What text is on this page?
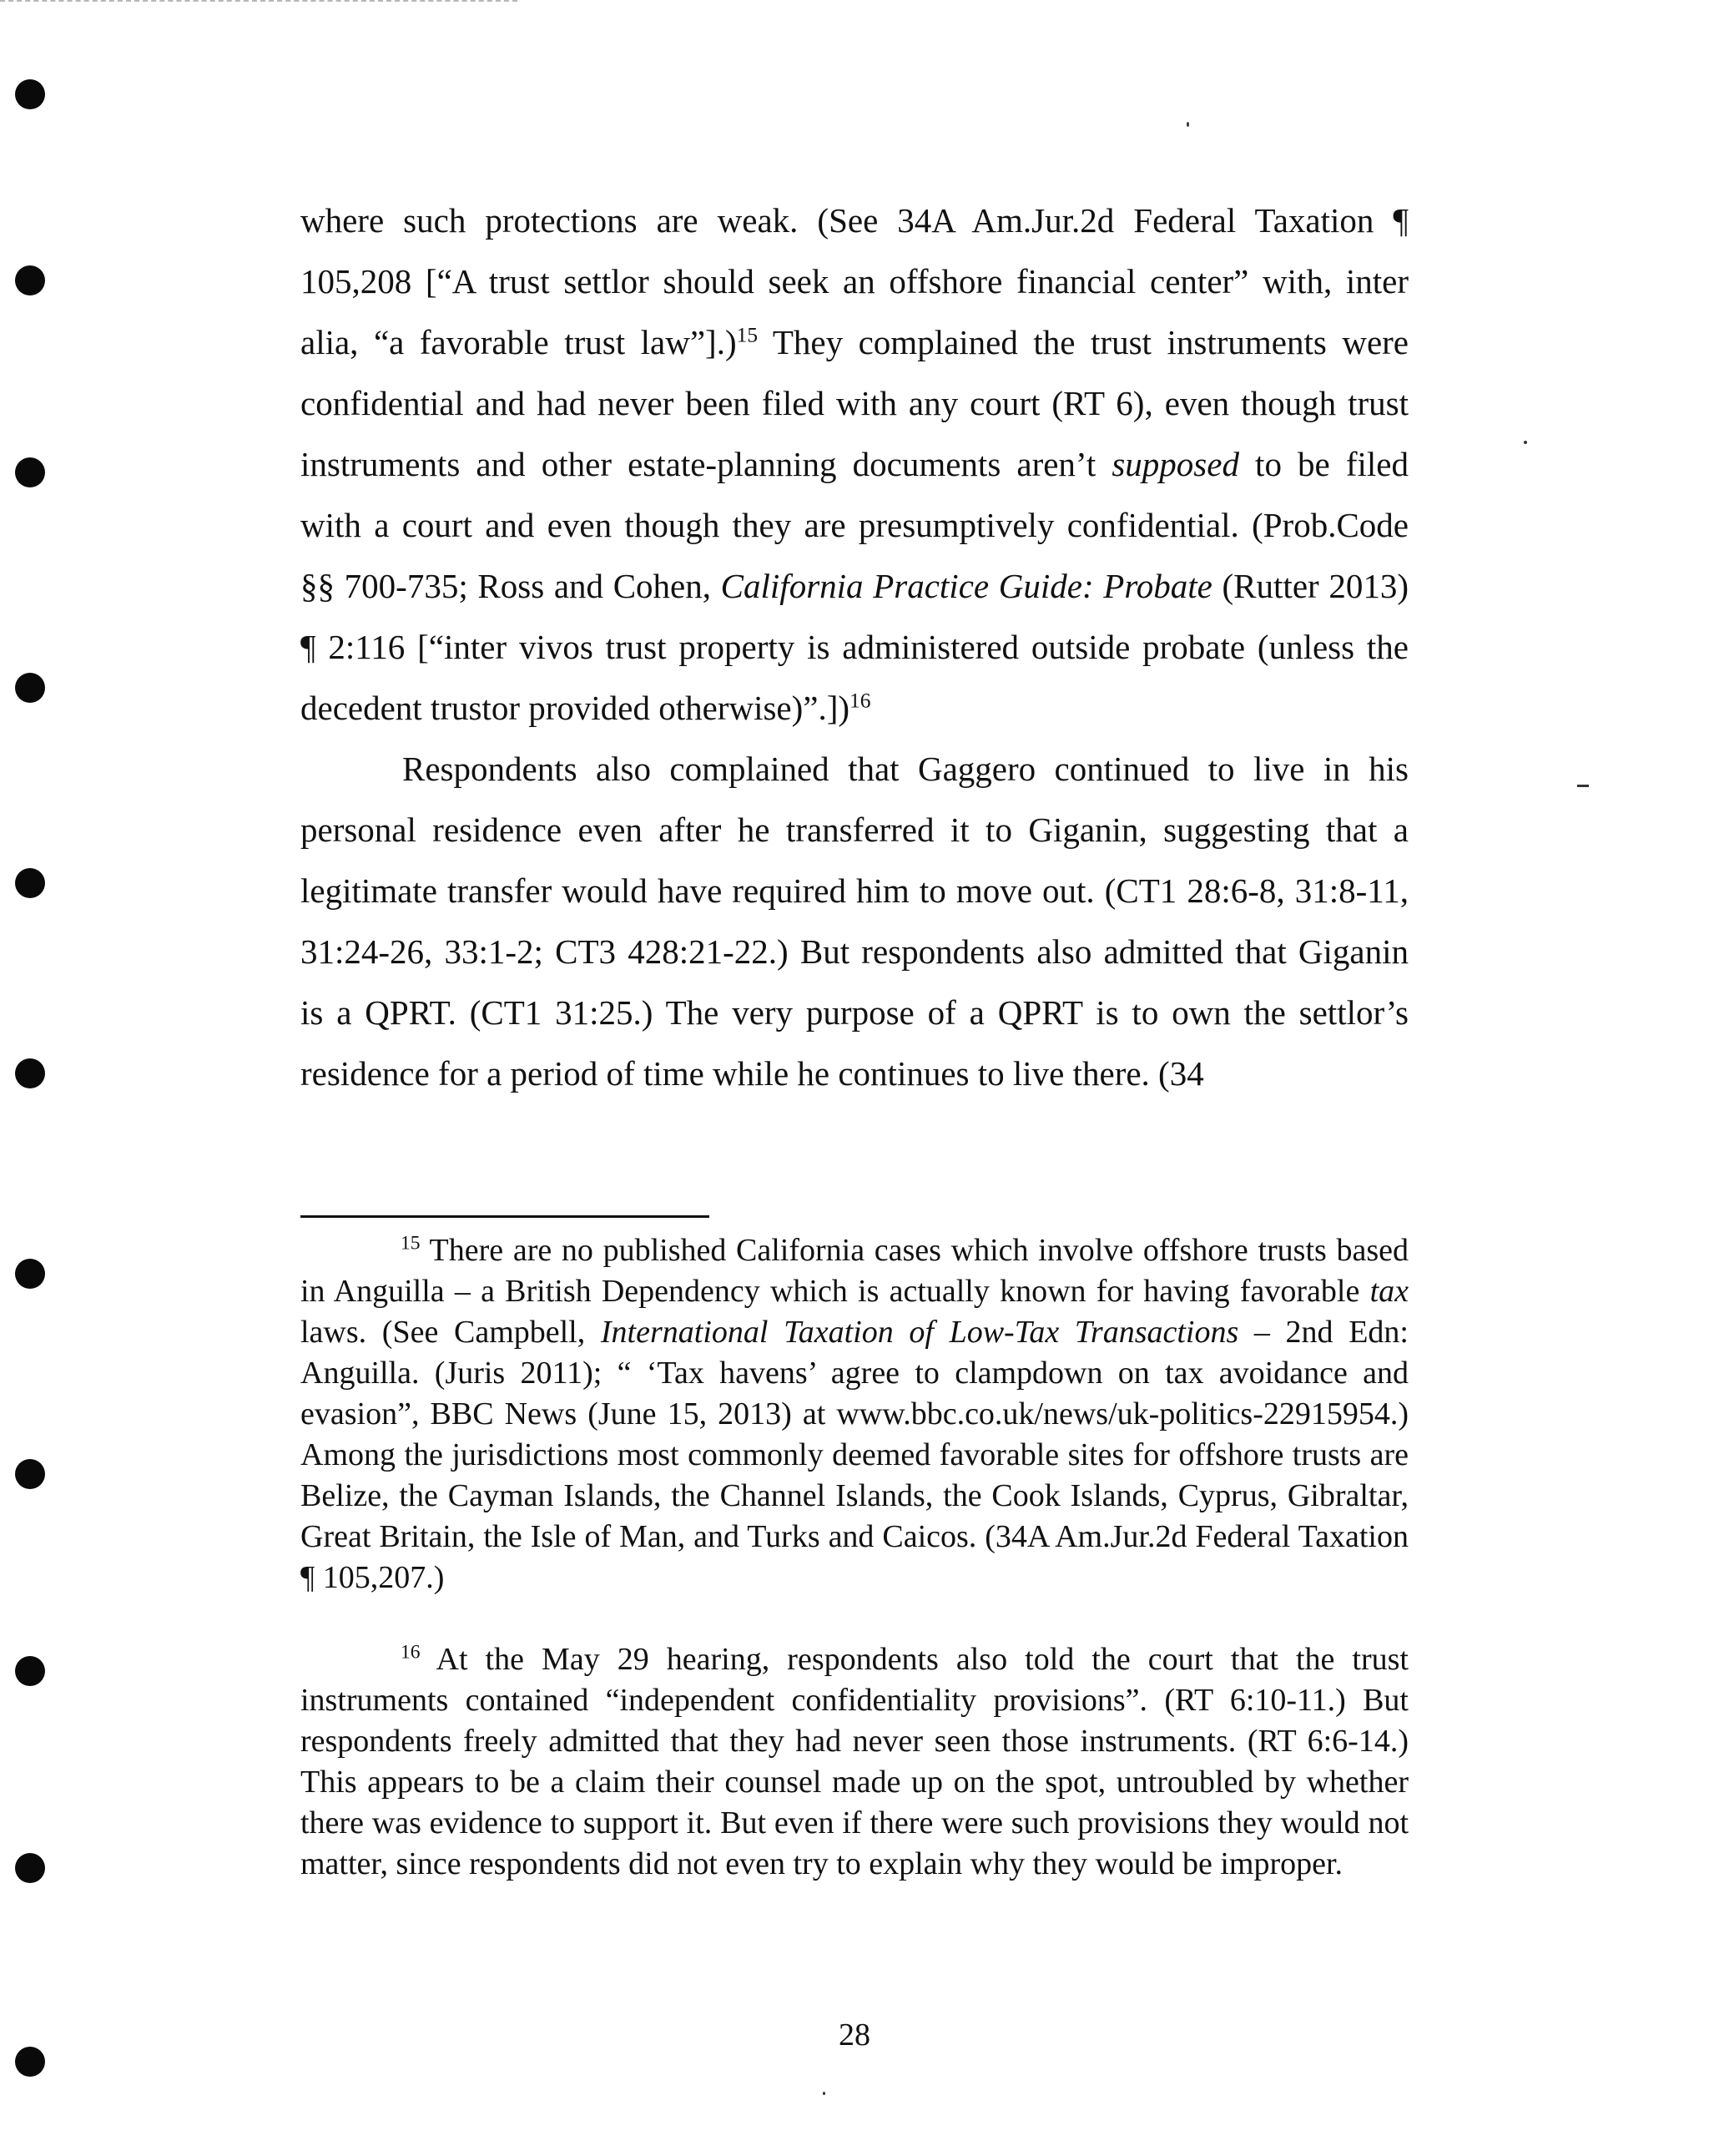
where such protections are weak. (See 34A Am.Jur.2d Federal Taxation ¶ 105,208 [“A trust settlor should seek an offshore financial center” with, inter alia, “a favorable trust law”].)$^{15}$ They complained the trust instruments were confidential and had never been filed with any court (RT 6), even though trust instruments and other estate-planning documents aren’t supposed to be filed with a court and even though they are presumptively confidential. (Prob.Code §§ 700-735; Ross and Cohen, California Practice Guide: Probate (Rutter 2013) ¶ 2:116 [“inter vivos trust property is administered outside probate (unless the decedent trustor provided otherwise)”.])$^{16}$

Respondents also complained that Gaggero continued to live in his personal residence even after he transferred it to Giganin, suggesting that a legitimate transfer would have required him to move out. (CT1 28:6-8, 31:8-11, 31:24-26, 33:1-2; CT3 428:21-22.) But respondents also admitted that Giganin is a QPRT. (CT1 31:25.) The very purpose of a QPRT is to own the settlor’s residence for a period of time while he continues to live there. (34

$^{15}$ There are no published California cases which involve offshore trusts based in Anguilla – a British Dependency which is actually known for having favorable tax laws. (See Campbell, International Taxation of Low-Tax Transactions – 2nd Edn: Anguilla. (Juris 2011); “ ‘Tax havens’ agree to clampdown on tax avoidance and evasion”, BBC News (June 15, 2013) at www.bbc.co.uk/news/uk-politics-22915954.) Among the jurisdictions most commonly deemed favorable sites for offshore trusts are Belize, the Cayman Islands, the Channel Islands, the Cook Islands, Cyprus, Gibraltar, Great Britain, the Isle of Man, and Turks and Caicos. (34A Am.Jur.2d Federal Taxation ¶ 105,207.)

$^{16}$ At the May 29 hearing, respondents also told the court that the trust instruments contained “independent confidentiality provisions”. (RT 6:10-11.) But respondents freely admitted that they had never seen those instruments. (RT 6:6-14.) This appears to be a claim their counsel made up on the spot, untroubled by whether there was evidence to support it. But even if there were such provisions they would not matter, since respondents did not even try to explain why they would be improper.

28
